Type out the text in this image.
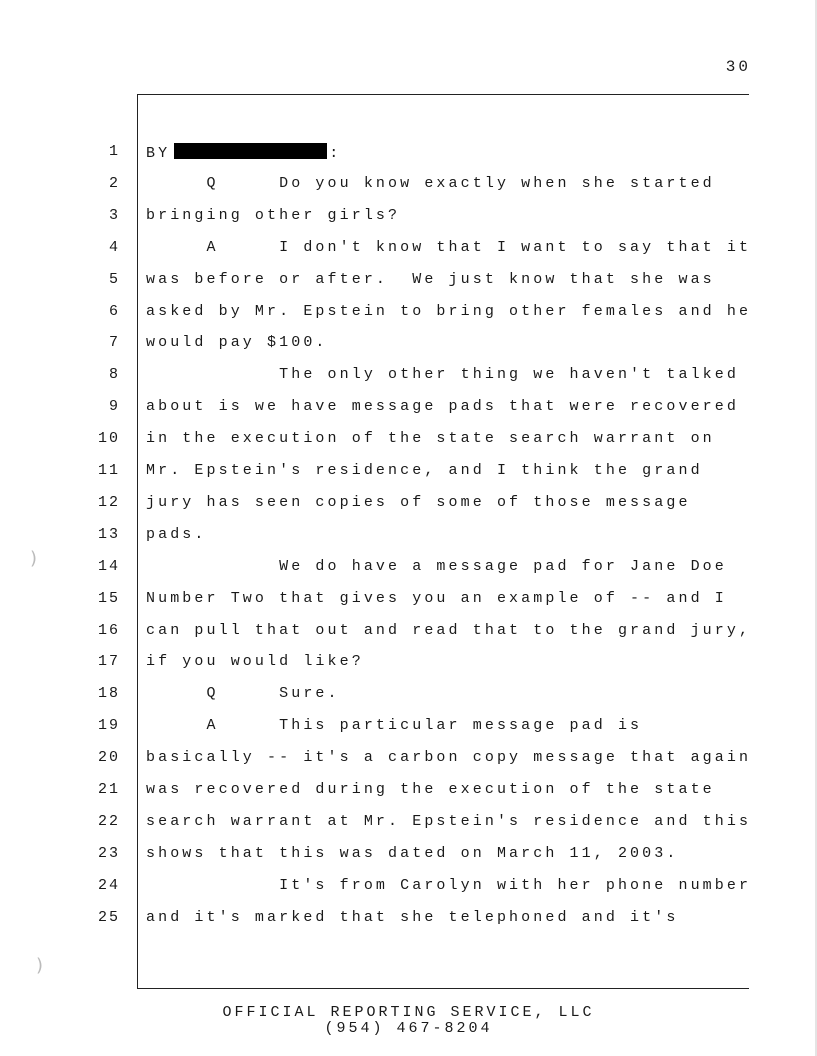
30
)
)
1 BY	:
2 Q     Do you know exactly when she started
3 bringing other girls?
4 A     I don't know that I want to say that it
5 was before or after.  We just know that she was
6 asked by Mr. Epstein to bring other females and he
7 would pay $100.
8 The only other thing we haven't talked
9 about is we have message pads that were recovered
10 in the execution of the state search warrant on
11 Mr. Epstein's residence, and I think the grand
12 jury has seen copies of some of those message
13 pads.
14 We do have a message pad for Jane Doe
15 Number Two that gives you an example of -- and I
16 can pull that out and read that to the grand jury,
17 if you would like?
18 Q     Sure.
19 A     This particular message pad is
20 basically -- it's a carbon copy message that again
21 was recovered during the execution of the state
22 search warrant at Mr. Epstein's residence and this
23 shows that this was dated on March 11, 2003.
24 It's from Carolyn with her phone number
25 and it's marked that she telephoned and it's
OFFICIAL REPORTING SERVICE, LLC
(954) 467-8204
